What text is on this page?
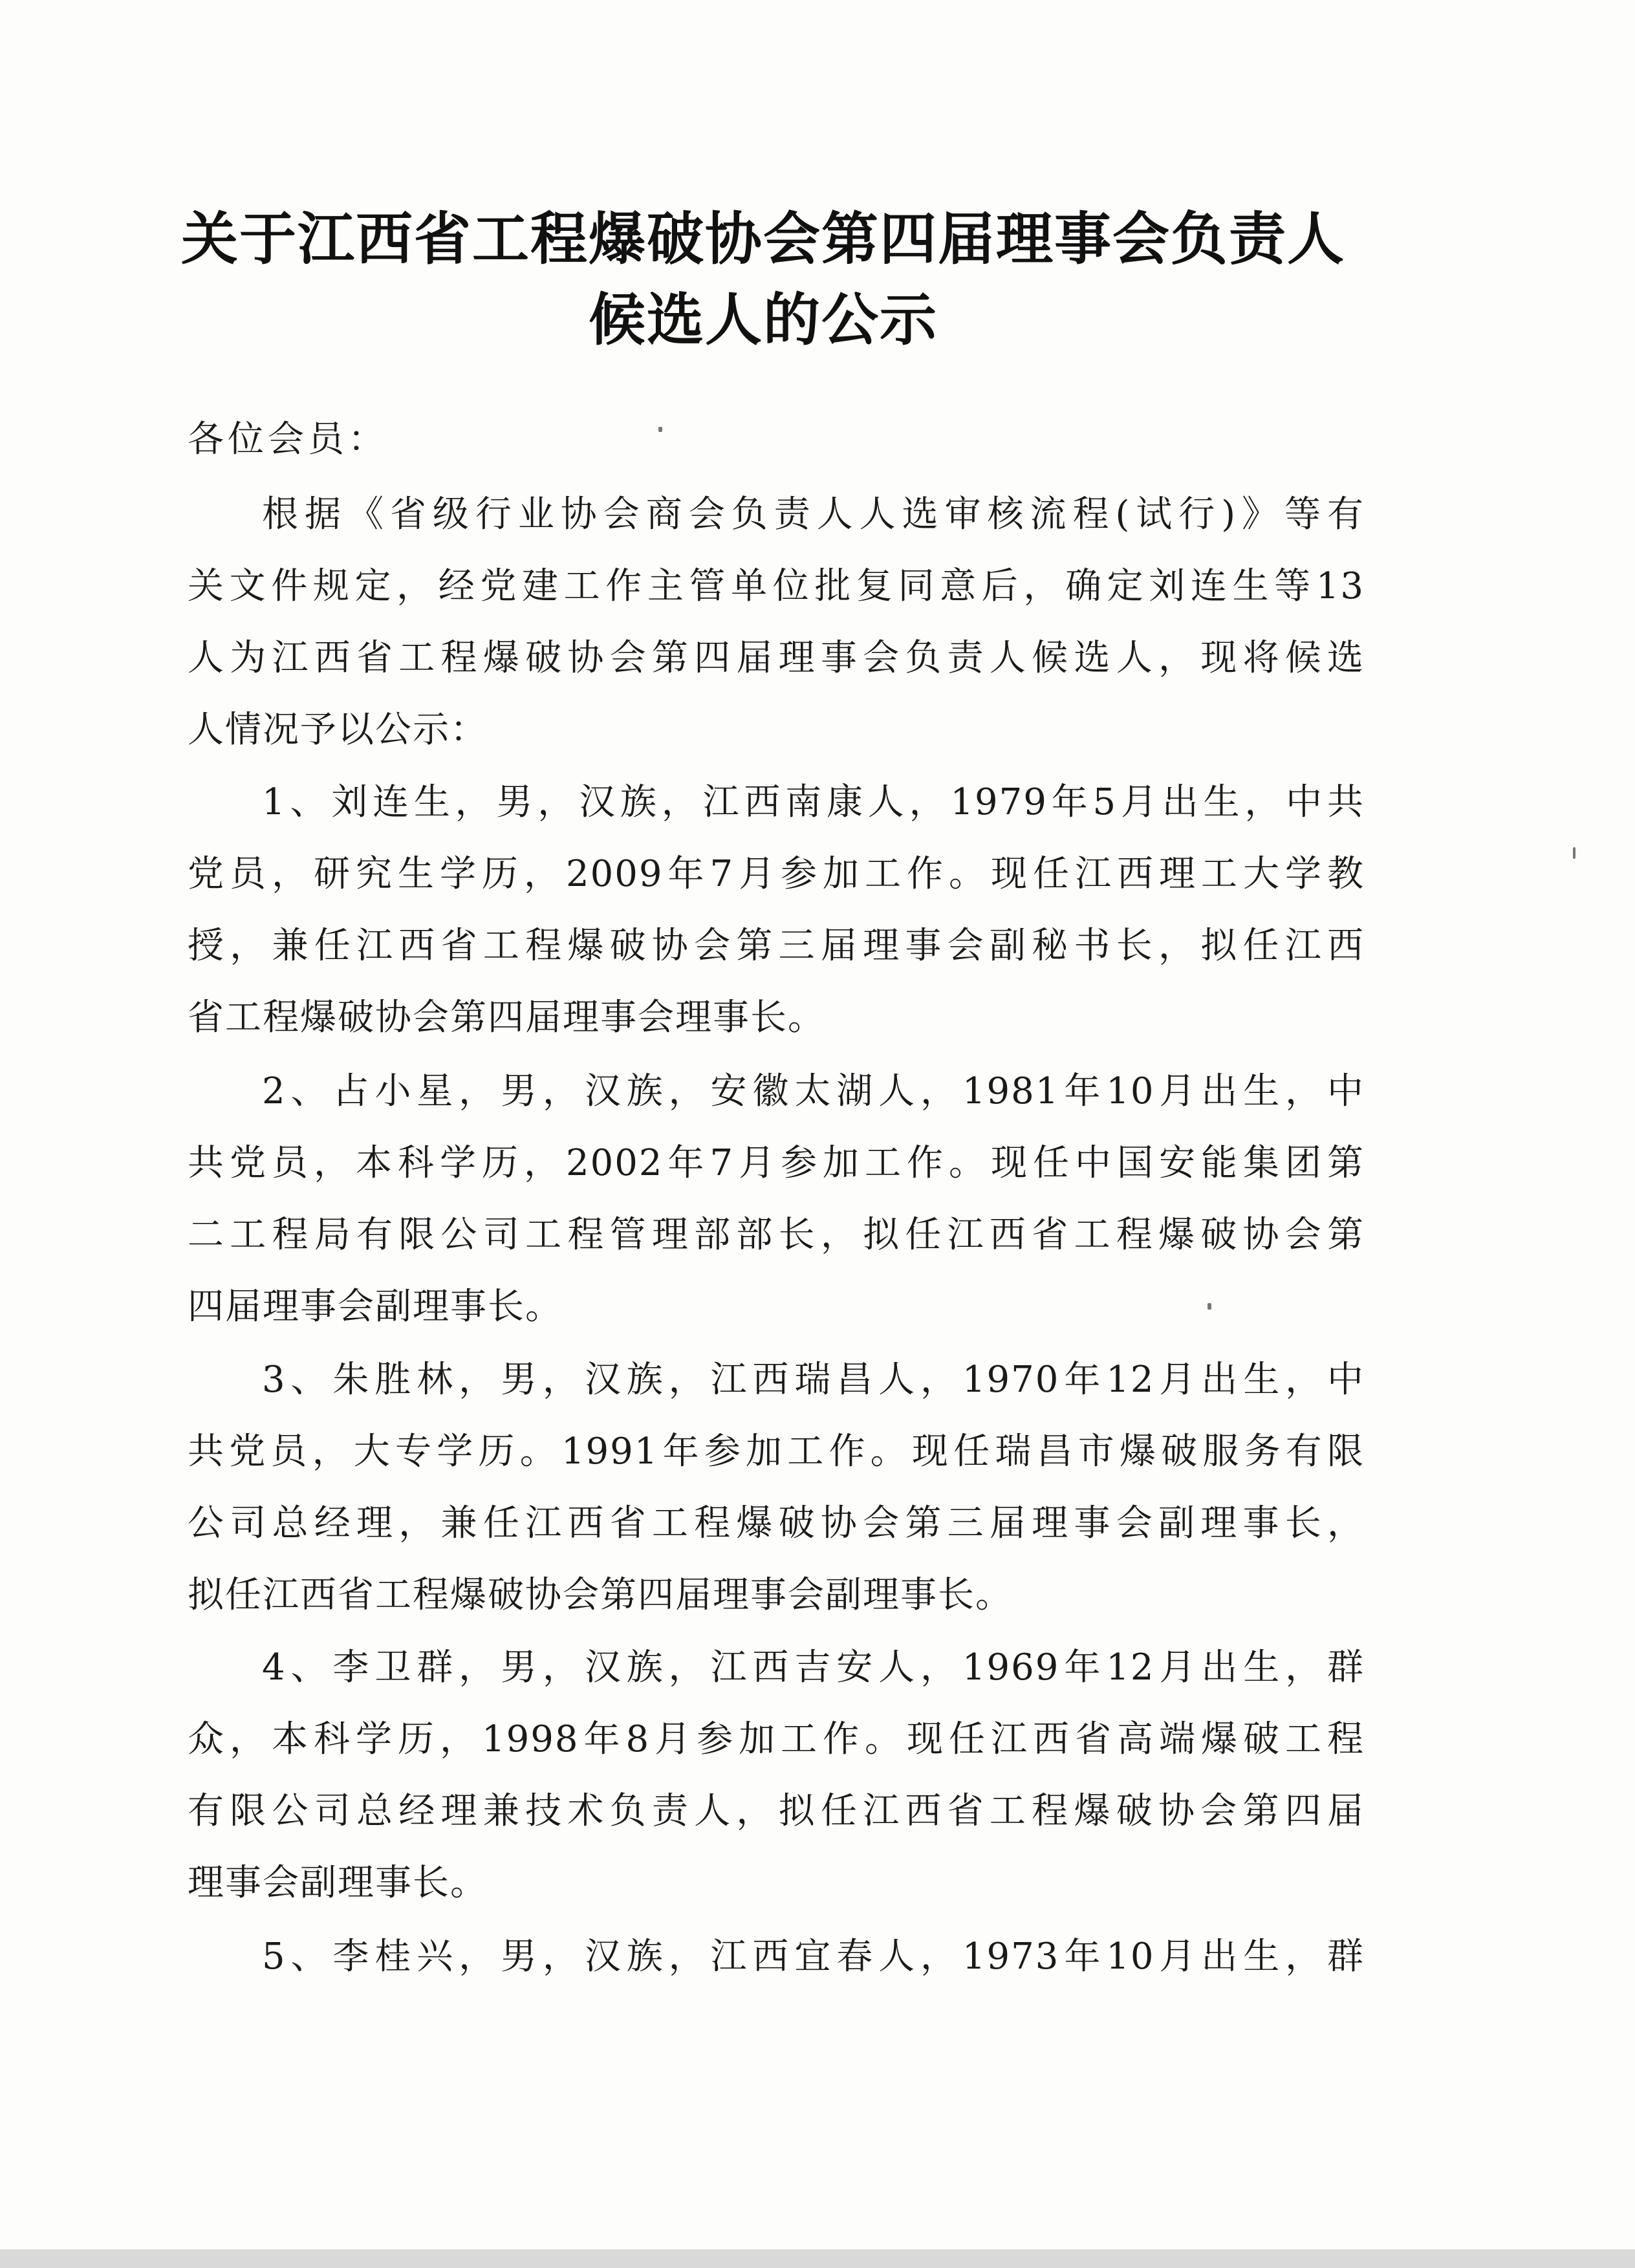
关于江西省工程爆破协会第四届理事会负责人
候选人的公示
各位会员：
根据《省级行业协会商会负责人人选审核流程(试行)》等有
关文件规定，经党建工作主管单位批复同意后，确定刘连生等13
人为江西省工程爆破协会第四届理事会负责人候选人，现将候选
人情况予以公示：
1、刘连生，男，汉族，江西南康人，1979年5月出生，中共
党员，研究生学历，2009年7月参加工作。现任江西理工大学教
授，兼任江西省工程爆破协会第三届理事会副秘书长，拟任江西
省工程爆破协会第四届理事会理事长。
2、占小星，男，汉族，安徽太湖人，1981年10月出生，中
共党员，本科学历，2002年7月参加工作。现任中国安能集团第
二工程局有限公司工程管理部部长，拟任江西省工程爆破协会第
四届理事会副理事长。
3、朱胜林，男，汉族，江西瑞昌人，1970年12月出生，中
共党员，大专学历。1991年参加工作。现任瑞昌市爆破服务有限
公司总经理，兼任江西省工程爆破协会第三届理事会副理事长，
拟任江西省工程爆破协会第四届理事会副理事长。
4、李卫群，男，汉族，江西吉安人，1969年12月出生，群
众，本科学历，1998年8月参加工作。现任江西省高端爆破工程
有限公司总经理兼技术负责人，拟任江西省工程爆破协会第四届
理事会副理事长。
5、李桂兴，男，汉族，江西宜春人，1973年10月出生，群
